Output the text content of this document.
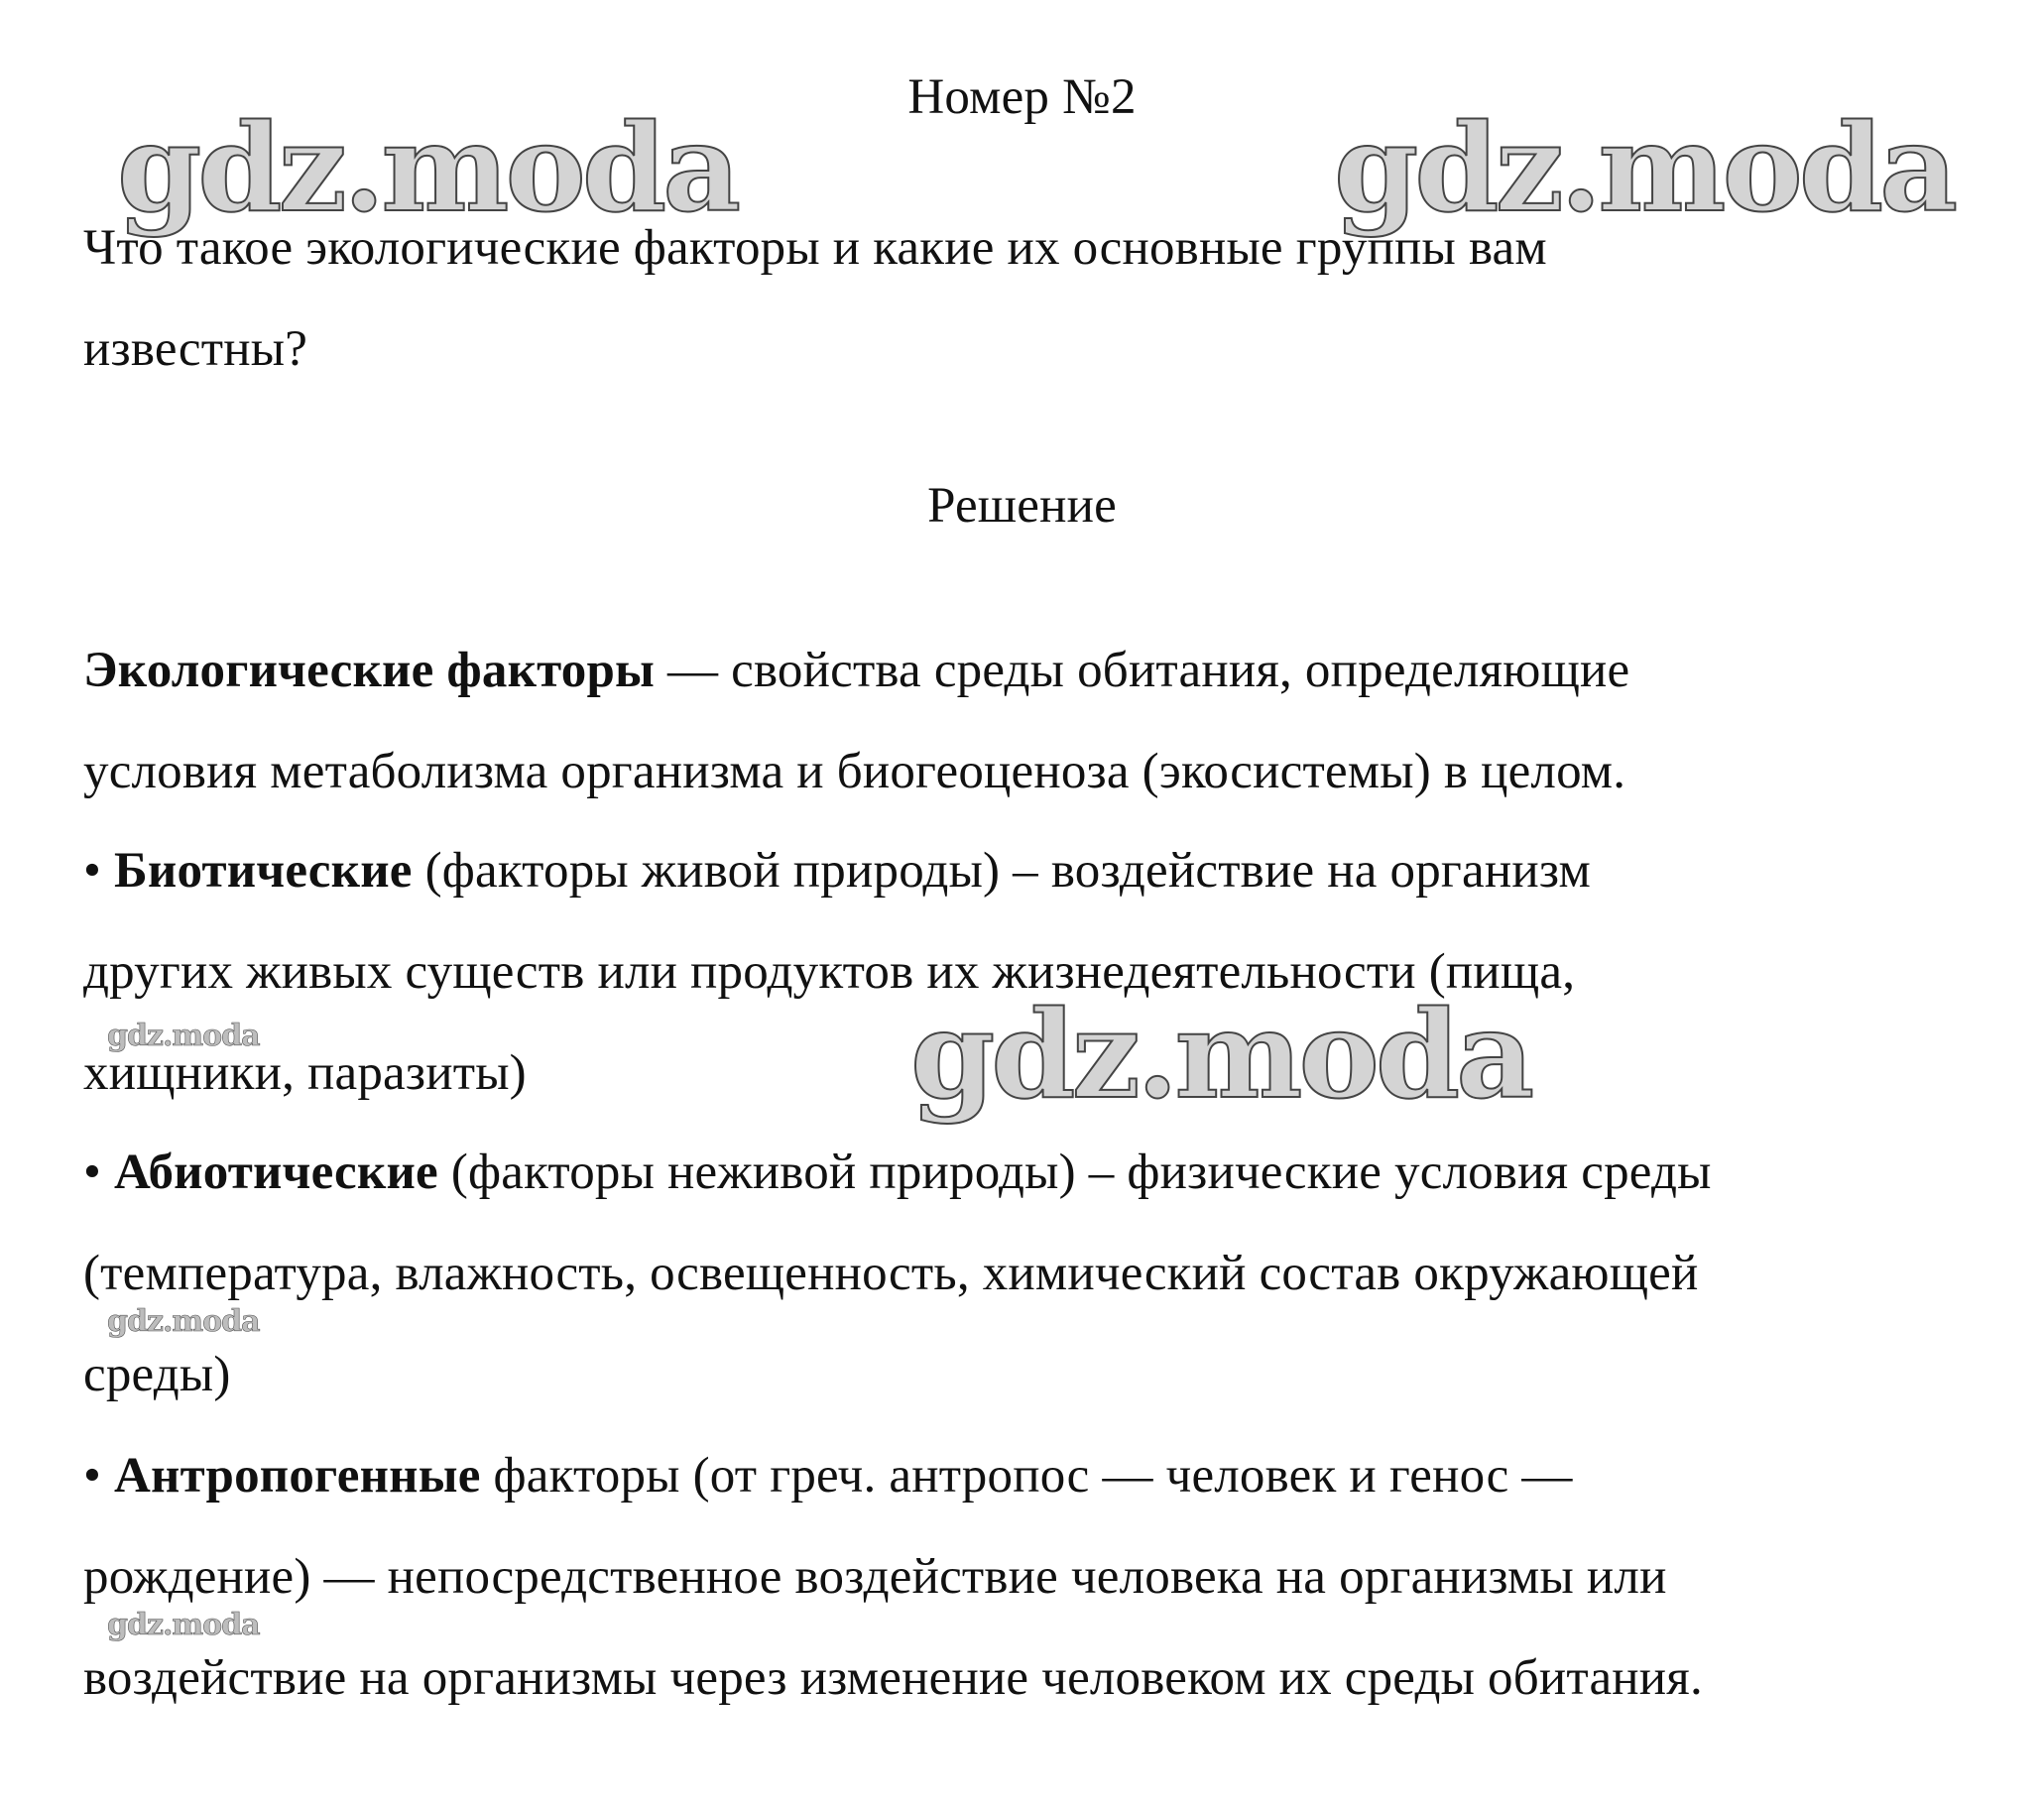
gdz.moda	gdz.moda
gdz.moda
gdz.moda
gdz.moda
gdz.moda
Номер №2
Что такое экологические факторы и какие их основные группы вам
известны?
Решение
Экологические факторы — свойства среды обитания, определяющие
условия метаболизма организма и биогеоценоза (экосистемы) в целом.
• Биотические (факторы живой природы) – воздействие на организм
других живых существ или продуктов их жизнедеятельности (пища,
хищники, паразиты)
• Абиотические (факторы неживой природы) – физические условия среды
(температура, влажность, освещенность, химический состав окружающей
среды)
• Антропогенные факторы (от греч. антропос — человек и генос —
рождение) — непосредственное воздействие человека на организмы или
воздействие на организмы через изменение человеком их среды обитания.
